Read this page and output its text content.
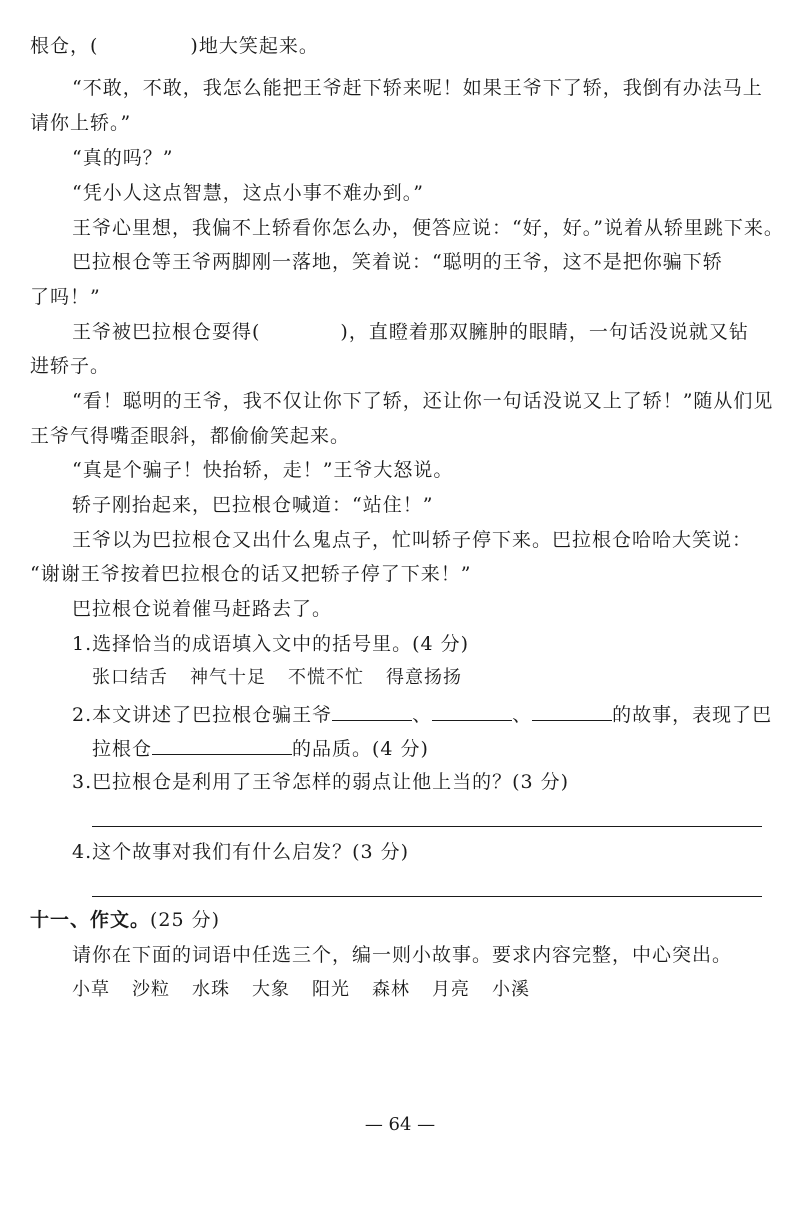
根仓，(	)地大笑起来。
“不敢，不敢，我怎么能把王爷赶下轿来呢！如果王爷下了轿，我倒有办法马上
请你上轿。”
“真的吗？”
“凭小人这点智慧，这点小事不难办到。”
王爷心里想，我偏不上轿看你怎么办，便答应说：“好，好。”说着从轿里跳下来。
巴拉根仓等王爷两脚刚一落地，笑着说：“聪明的王爷，这不是把你骗下轿
了吗！”
王爷被巴拉根仓耍得(	)，直瞪着那双臃肿的眼睛，一句话没说就又钻
进轿子。
“看！聪明的王爷，我不仅让你下了轿，还让你一句话没说又上了轿！”随从们见
王爷气得嘴歪眼斜，都偷偷笑起来。
“真是个骗子！快抬轿，走！”王爷大怒说。
轿子刚抬起来，巴拉根仓喊道：“站住！”
王爷以为巴拉根仓又出什么鬼点子，忙叫轿子停下来。巴拉根仓哈哈大笑说：
“谢谢王爷按着巴拉根仓的话又把轿子停了下来！”
巴拉根仓说着催马赶路去了。
1.选择恰当的成语填入文中的括号里。(4 分)
张口结舌 神气十足 不慌不忙 得意扬扬
2.本文讲述了巴拉根仓骗王爷	、	、	的故事，表现了巴
拉根仓	的品质。(4 分)
3.巴拉根仓是利用了王爷怎样的弱点让他上当的？(3 分)
4.这个故事对我们有什么启发？(3 分)
十一、作文。(25 分)
请你在下面的词语中任选三个，编一则小故事。要求内容完整，中心突出。
小草 沙粒 水珠 大象 阳光 森林 月亮 小溪
— 64 —
